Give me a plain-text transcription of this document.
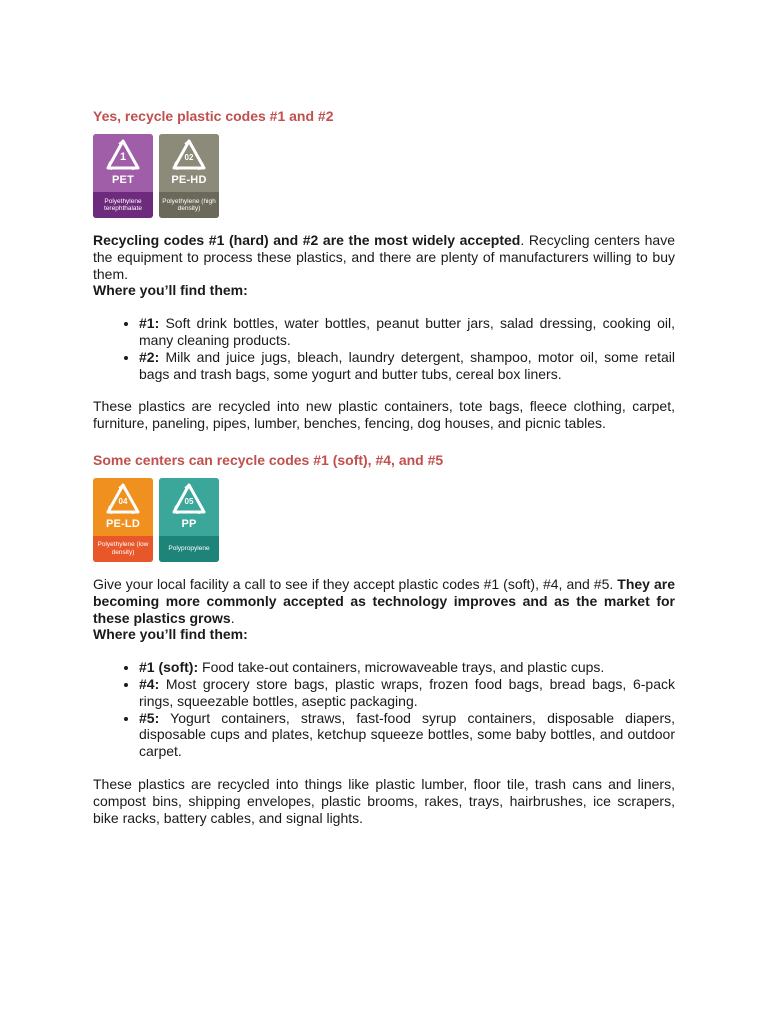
Yes, recycle plastic codes #1 and #2
1
PET
Polyethylene terephthalate
02
PE-HD
Polyethylene (high density)

Recycling codes #1 (hard) and #2 are the most widely accepted. Recycling centers have the equipment to process these plastics, and there are plenty of manufacturers willing to buy them.

Where you’ll find them:
• #1: Soft drink bottles, water bottles, peanut butter jars, salad dressing, cooking oil, many cleaning products.
• #2: Milk and juice jugs, bleach, laundry detergent, shampoo, motor oil, some retail bags and trash bags, some yogurt and butter tubs, cereal box liners.

These plastics are recycled into new plastic containers, tote bags, fleece clothing, carpet, furniture, paneling, pipes, lumber, benches, fencing, dog houses, and picnic tables.

Some centers can recycle codes #1 (soft), #4, and #5
04
PE-LD
Polyethylene (low density)
05
PP
Polypropylene

Give your local facility a call to see if they accept plastic codes #1 (soft), #4, and #5. They are becoming more commonly accepted as technology improves and as the market for these plastics grows.

Where you’ll find them:
• #1 (soft): Food take-out containers, microwaveable trays, and plastic cups.
• #4: Most grocery store bags, plastic wraps, frozen food bags, bread bags, 6-pack rings, squeezable bottles, aseptic packaging.
• #5: Yogurt containers, straws, fast-food syrup containers, disposable diapers, disposable cups and plates, ketchup squeeze bottles, some baby bottles, and outdoor carpet.

These plastics are recycled into things like plastic lumber, floor tile, trash cans and liners, compost bins, shipping envelopes, plastic brooms, rakes, trays, hairbrushes, ice scrapers, bike racks, battery cables, and signal lights.
